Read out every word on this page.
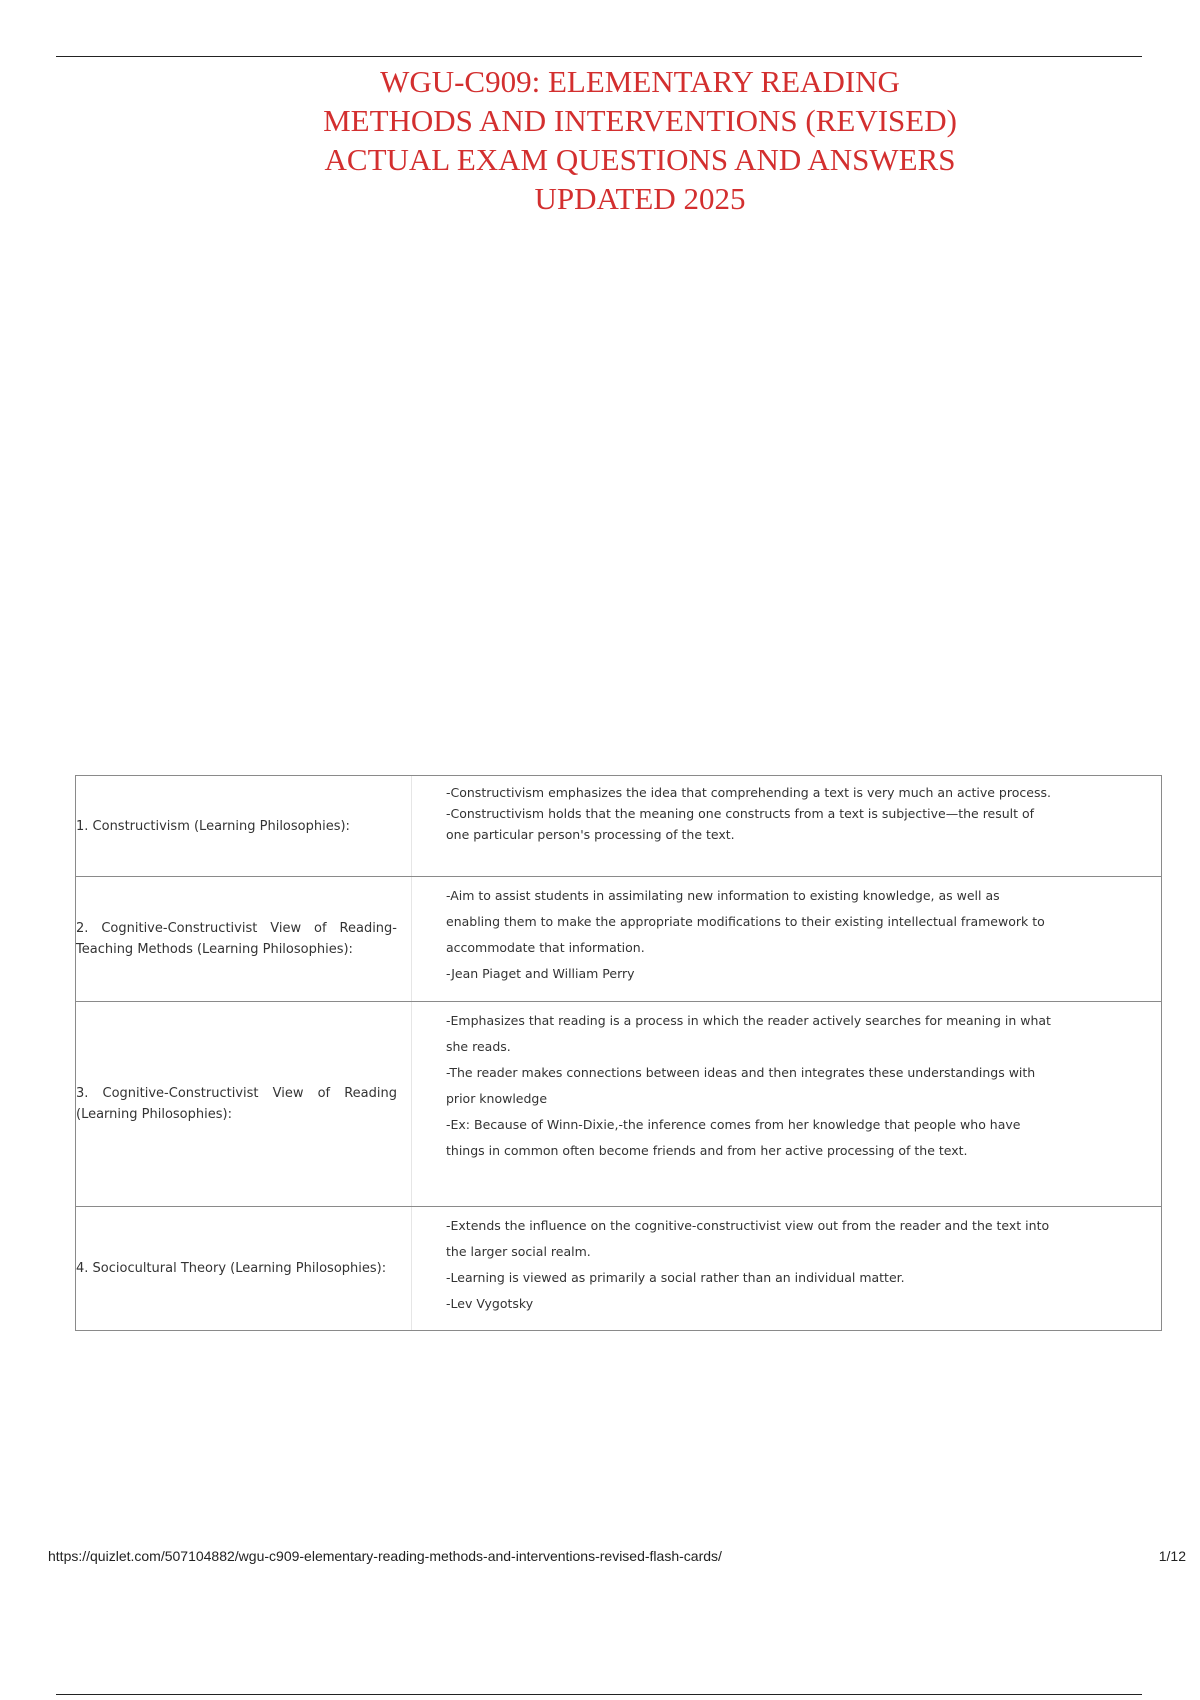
WGU-C909: ELEMENTARY READING
METHODS AND INTERVENTIONS (REVISED)
ACTUAL EXAM QUESTIONS AND ANSWERS
UPDATED 2025
1. Constructivism (Learning Philosophies):
-Constructivism emphasizes the idea that comprehending a text is very much an active process.
-Constructivism holds that the meaning one constructs from a text is subjective—the result of
one particular person's processing of the text.
2. Cognitive-Constructivist View of Reading-Teaching Methods (Learning Philosophies):
-Aim to assist students in assimilating new information to existing knowledge, as well as
enabling them to make the appropriate modifications to their existing intellectual framework to
accommodate that information.
-Jean Piaget and William Perry
3. Cognitive-Constructivist View of Reading (Learning Philosophies):
-Emphasizes that reading is a process in which the reader actively searches for meaning in what
she reads.
-The reader makes connections between ideas and then integrates these understandings with
prior knowledge
-Ex: Because of Winn-Dixie,-the inference comes from her knowledge that people who have
things in common often become friends and from her active processing of the text.
4. Sociocultural Theory (Learning Philosophies):
-Extends the influence on the cognitive-constructivist view out from the reader and the text into
the larger social realm.
-Learning is viewed as primarily a social rather than an individual matter.
-Lev Vygotsky
https://quizlet.com/507104882/wgu-c909-elementary-reading-methods-and-interventions-revised-flash-cards/	1/12
